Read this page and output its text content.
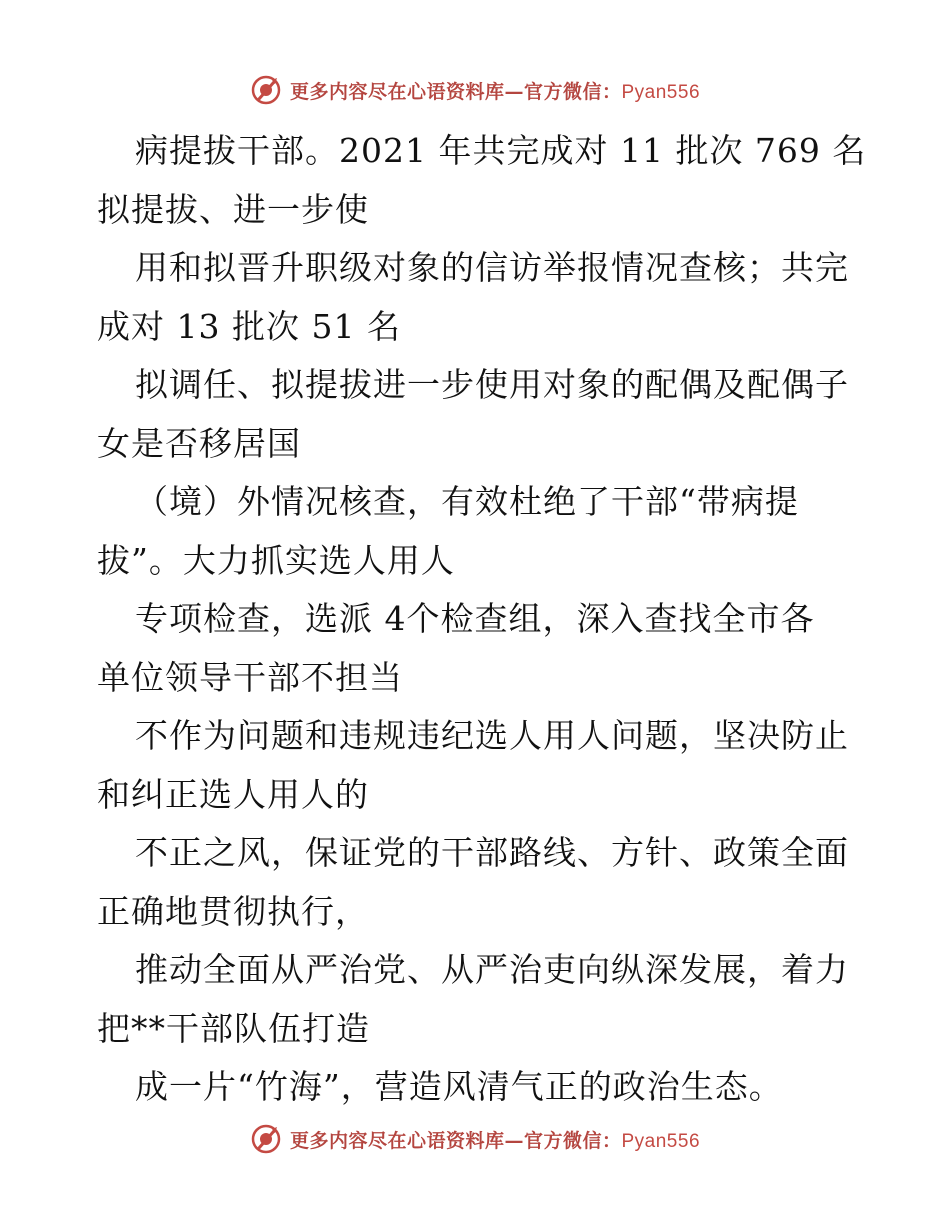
更多内容尽在心语资料库—官方微信：Pyan556
病提拔干部。2021 年共完成对 11 批次 769 名
拟提拔、进一步使
用和拟晋升职级对象的信访举报情况查核；共完
成对 13 批次 51 名
拟调任、拟提拔进一步使用对象的配偶及配偶子
女是否移居国
（境）外情况核查，有效杜绝了干部“带病提
拔”。大力抓实选人用人
专项检查，选派 4个检查组，深入查找全市各
单位领导干部不担当
不作为问题和违规违纪选人用人问题，坚决防止
和纠正选人用人的
不正之风，保证党的干部路线、方针、政策全面
正确地贯彻执行，
推动全面从严治党、从严治吏向纵深发展，着力
把**干部队伍打造
成一片“竹海”，营造风清气正的政治生态。
更多内容尽在心语资料库—官方微信：Pyan556
